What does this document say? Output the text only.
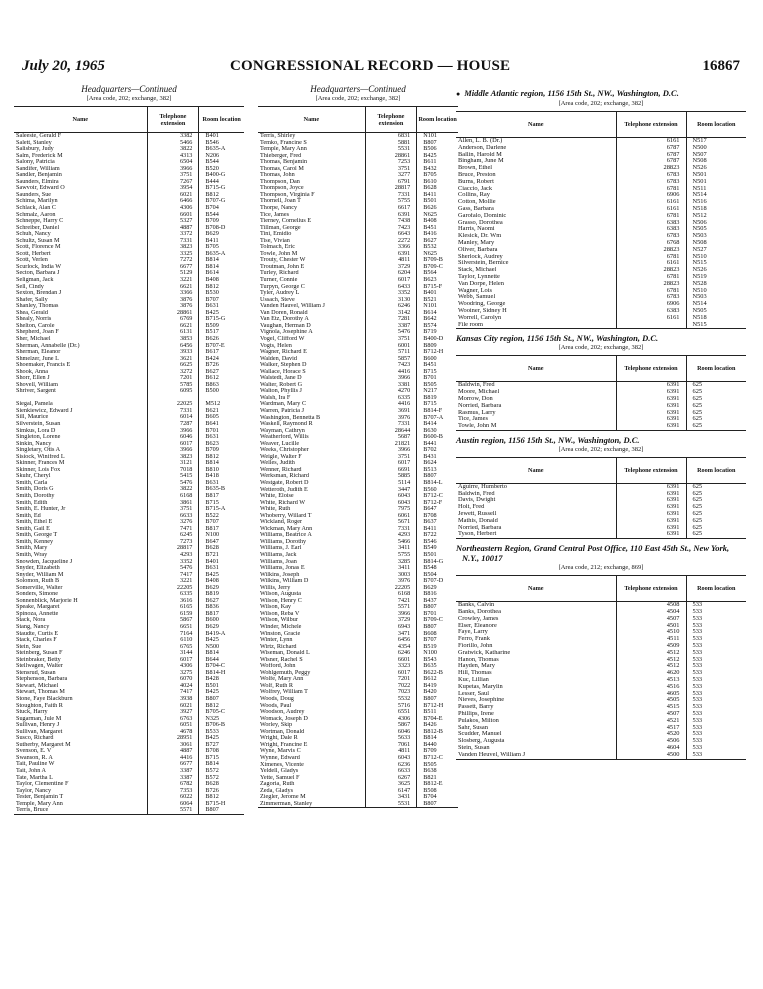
July 20, 1965	CONGRESSIONAL RECORD — HOUSE	16867
Headquarters—Continued
[Area code, 202; exchange, 382]
Name	Telephone extension	Room location
Saleeste, Gerald F	3382	B401
Salett, Stanley	5466	B546
Salisbury, Judy	3822	B635-A
Salm, Frederick M	4313	N206
Salony, Patricia	6504	B544
Sandifer, William	3966	B520
Sandler, Benjamin	3751	B400-G
Saunders, Elmira	7267	B444
Sawvoir, Edward O	3954	B715-G
Saunders, Sue	6021	B812
Schima, Marilyn	6466	B707-G
Schlack, Alan C	4306	B704
Schmalz, Aaron	6601	B544
Schneppe, Harry C	5327	B709
Schreiber, Daniel	4887	B708-D
Schuh, Nancy	3372	B629
Schultz, Susan M	7331	B411
Scott, Florence M	3823	B705
Scott, Herbert	3325	B635-A
Scott, Verlen	7272	B814
Scurlock, India W	6677	B814
Secton, Barbara J	5129	B614
Seligman, Jack	3221	B408
Sell, Cindy	6621	B812
Sexton, Brendan J	3366	B530
Shafer, Sally	3876	B707
Shanley, Thomas	3876	B631
Shea, Gerald	28861	B425
Shealy, Norris	6769	B715-G
Shelton, Carole	6621	B509
Shepherd, Joan F	6131	B517
Sher, Michael	3853	B626
Sherman, Annabelle (Dr.)	6456	B707-E
Sherman, Eleanor	3933	B617
Shmelzer, June L	3621	B424
Shoemaker, Francis E	6625	B726
Shook, Anna	3272	B627
Shorr, Ellen J	7201	B612
Shovell, William	5785	B863
Shriver, Sargent	6095	B500

Siegal, Pamela	22025	M512
Sienkiewicz, Edward J	7331	B621
Sill, Maurice	6014	B605
Silverstein, Susan	7287	B641
Simkus, Lora D	3966	B701
Singleton, Lorene	6046	B631
Sinkin, Nancy	6017	B623
Singletary, Otis A	3966	B709
Sisiock, Winifred L	3823	B812
Skinner, Frances M	3121	B814
Skinner, Lois Fox	7018	B810
Skuhr, Cheryl	5415	B418
Smith, Carla	5476	B631
Smith, Doris G	3822	B635-B
Smith, Dorothy	6168	B817
Smith, Edith	3861	B715
Smith, E. Hunter, Jr	3751	B715-A
Smith, Ed	6633	B522
Smith, Ethel E	3276	B707
Smith, Gail E	7471	B817
Smith, George T	6245	N100
Smith, Kenney	7273	B647
Smith, Mary	28817	B628
Smith, Wray	4293	B721
Snowden, Jacqueline J	3352	B401
Snyder, Elizabeth	5476	B631
Snyder, William M	7417	B425
Solomon, Ruth B	3221	B408
Somerville, Walter	22205	B629
Sonders, Simone	6335	B819
Sonnenblick, Marjorie H	3616	B627
Speake, Margaret	6165	B836
Spinoza, Annette	6159	B817
Stack, Nora	5867	B600
Stang, Nancy	6651	B629
Staudte, Curtis E	7164	B419-A
Stack, Charles F	6110	B425
Stein, Sue	6765	N500
Steinberg, Susan F	3144	B814
Steinbraker, Betty	6017	B644
Stellwagen, Walter	4306	B704-C
Stensrud, Susan	3275	B814-H
Stephenson, Barbara	6070	B428
Stewart, Michael	4024	B501
Stewart, Thomas M	7417	B425
Stone, Faye Blackburn	3938	B807
Stoughton, Faith R	6021	B812
Stuck, Harry	3927	B705-C
Sugarman, Jule M	6763	N325
Sullivan, Henry J	6051	B706-B
Sullivan, Margaret	4678	B533
Susco, Richard	28951	B425
Sutherby, Margaret M	3061	B727
Svenson, E. V	4887	B708
Swanson, R. A	4416	B715
Tait, Pauline W	6677	B814
Tait, John A	3387	B572
Tate, Martha L	3387	B572
Taylor, Clementine F	6782	B628
Taylor, Nancy	7353	B726
Tester, Benjamin T	6022	B812
Temple, Mary Ann	6064	B715-H
Terris, Bruce	5571	B807
Headquarters—Continued
[Area code, 202; exchange, 382]
Name	Telephone extension	Room location
Terris, Shirley	6831	N101
Temko, Francine S	5881	B807
Temple, Mary Ann	5531	B506
Thieberger, Fred	28861	B425
Thomas, Benjamin	7253	B611
Thomas, Carol M	3751	B432
Thomas, John	3277	B705
Thompson, Dan	6791	B610
Thompson, Joyce	28817	B628
Thompson, Virginia F	7331	B411
Thornell, Joan T	5755	B501
Thorpe, Nancy	6617	B626
Tice, James	6391	N625
Tierney, Cornelius E	7438	B408
Tillman, George	7423	B451
Tini, Emidio	6643	B416
Tise, Vivian	2272	B627
Tolmach, Eric	3366	B532
Towle, John M	6391	N625
Trouty, Chester W	4811	B709-B
Troutman, John E	3729	B709-C
Turley, Richard	6204	B564
Turner, Connie	6017	B623
Turpyn, George C	6433	B715-F
Tyler, Audrey L	3352	B401
Ussach, Steve	3130	B521
Vanden Hauvel, William J	6246	N101
Van Doren, Ronald	3142	B614
Van Etz, Dorothy A	7281	B642
Vaughan, Herman D	3387	B574
Vignola, Josephine A	5476	B719
Vogel, Clifford W	3751	B400-D
Vogts, Helen	6001	B809
Wagner, Richard E	5711	B712-H
Walden, David	5857	B600
Walker, Stephen D	7423	B451
Wallace, Horace S	4416	B715
Walstedt, Jane D	3966	B701
Walter, Robert G	3381	B505
Walton, Phyllis J	4270	N217
Walsh, Ira F	6335	B819
Wardman, Mary C	4416	B715
Warren, Patricia J	3691	B814-F
Washington, Bennetta B	3976	B707-A
Waskell, Raymond R	7331	B414
Wayman, Cathryn	28644	B630
Weatherford, Willis	5687	B600-B
Weaver, Lucille	21821	B441
Weeks, Christopher	3966	B702
Weigle, Walter F	3751	B431
Welles, Judith	6017	B624
Wenner, Richard	6691	B513
Werksman, Richard	5885	B807
Westgate, Robert D	5114	B814-L
Wetteroth, Judith E	3447	B560
White, Eloise	6043	B712-C
White, Richard W	6043	B712-F
White, Ruth	7975	B647
Whoberry, Willard T	6061	B708
Wickland, Roger	5671	B637
Wickman, Mary Ann	7331	B411
Williams, Beatrice A	4293	B722
Williams, Dorothy	5466	B546
Williams, J. Earl	3411	B549
Williams, Jack	5755	B501
Williams, Joan	3285	B814-G
Williams, Jonas E	3411	B548
Wilkins, Joseph	3003	B504
Wilkins, William D	3976	B707-D
Willis, Jerry	22205	B629
Wilson, Augusta	6168	B816
Wilson, Henry C	7421	B437
Wilson, Kay	5571	B807
Wilson, Reba V	3966	B701
Wilson, Wilbur	3729	B709-C
Winder, Michele	6943	B807
Winston, Gracie	3471	B608
Winter, Lynn	6456	B707
Wirtz, Richard	4354	B519
Wiseman, Donald L	6246	N100
Wisner, Rachel S	6601	B543
Wofford, John	3323	B635
Wohlgemuth, Peggy	6017	B622-B
Wolfe, Mary Ann	7201	B612
Wolf, Ruth R	7022	B419
Wolfrey, William T	7023	B420
Woods, Doug	5532	B807
Woods, Paul	5716	B712-H
Woodson, Audrey	6551	B511
Womack, Joseph D	4306	B704-E
Worley, Skip	5867	B426
Wortman, Donald	6046	B812-B
Wright, Dale R	5633	B814
Wright, Francine E	7061	B440
Wyne, Marvis C	4811	B709
Wynne, Edward	6043	B712-C
Ximenes, Vicente	6236	B505
Yeldell, Gladys	6633	B638
Yette, Samuel F	6267	B821
Zagoria, Ruth	3625	B812-E
Zeda, Gladys	6147	B508
Ziegler, Jerome M	3431	B704
Zimmerman, Stanley	5531	B807
● Middle Atlantic region, 1156 15th St., NW., Washington, D.C.
[Area code, 202; exchange, 382]
Name	Telephone extension	Room location
Allen, L. B. (Dr.)	6161	N517
Anderson, Darlene	6787	N500
Ballin, Harold M	6787	N507
Bingham, June M	6787	N508
Brown, Ethel	28823	N526
Bruce, Preston	6783	N501
Burns, Robert	6783	N501
Ciaccio, Jack	6781	N511
Collins, Ray	6906	N514
Cotton, Mollie	6161	N516
Gass, Barbara	6161	N518
Garofalo, Dominic	6781	N512
Grasso, Dorothea	6383	N506
Harris, Naomi	6383	N505
Klesick, Dr. Wm	6783	N503
Manley, Mary	6768	N508
Oliver, Barbara	28823	N527
Sherlock, Audrey	6781	N510
Silverstein, Bernice	6161	N515
Stack, Michael	28823	N526
Taylor, Lynnette	6781	N519
Van Dorpe, Helen	28823	N528
Wagner, Lois	6781	N510
Webb, Samuel	6783	N503
Woodring, George	6906	N514
Wooiner, Sidney H	6383	N505
Worrell, Carolyn	6161	N518
File room		N515
Kansas City region, 1156 15th St., NW., Washington, D.C.
[Area code, 202; exchange, 382]
Name	Telephone extension	Room location
Baldwin, Fred	6391	625
Moore, Michael	6391	625
Morrow, Don	6391	625
Norried, Barbara	6391	625
Rasmus, Larry	6391	625
Tice, James	6391	625
Towle, John M	6391	625
Austin region, 1156 15th St., NW., Washington, D.C.
[Area code, 202; exchange, 382]
Name	Telephone extension	Room location
Aguirre, Humberto	6391	625
Baldwin, Fred	6391	625
Davis, Dwight	6391	625
Holt, Fred	6391	625
Jewett, Russell	6391	625
Mathis, Donald	6391	625
Norried, Barbara	6391	625
Tyson, Herbert	6391	625
Northeastern Region, Grand Central Post Office, 110 East 45th St., New York, N.Y., 10017
[Area code, 212; exchange, 869]
Name	Telephone extension	Room location
Banks, Calvin	4508	533
Banks, Dorothea	4504	533
Crowley, James	4507	533
Elser, Eleanore	4501	533
Faye, Larry	4510	533
Ferro, Frank	4511	533
Fiorillo, John	4509	533
Gratwick, Katharine	4512	533
Hanon, Thomas	4512	533
Hayden, Mary	4512	533
Hill, Thomas	4620	533
Kuc, Lillian	4513	533
Kupetas, Marylin	4516	533
Lesser, Saul	4605	533
Nieves, Josephine	4505	533
Passett, Barry	4515	533
Phillips, Irene	4507	533
Pulakos, Milton	4521	533
Sahr, Susan	4517	533
Scudder, Manuel	4520	533
Slosberg, Augusta	4506	533
Stein, Susan	4604	533
Vanden Heuvel, William J	4500	533
